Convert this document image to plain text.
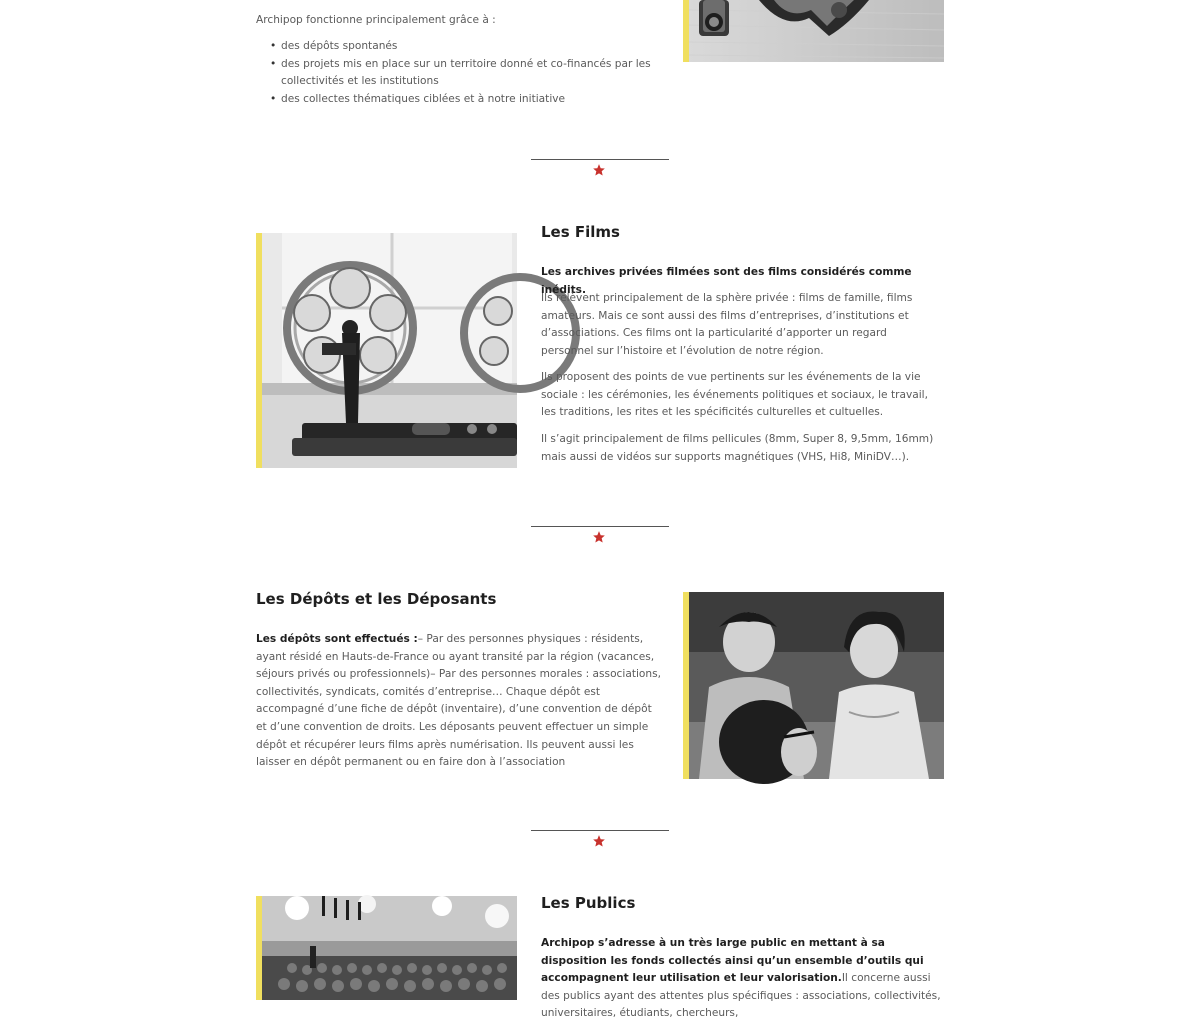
Archipop fonctionne principalement grâce à :

• des dépôts spontanés
• des projets mis en place sur un territoire donné et co-financés par les collectivités et les institutions
• des collectes thématiques ciblées et à notre initiative
Les Films

Les archives privées filmées sont des films considérés comme inédits.

Ils relèvent principalement de la sphère privée : films de famille, films amateurs. Mais ce sont aussi des films d’entreprises, d’institutions et d’associations. Ces films ont la particularité d’apporter un regard personnel sur l’histoire et l’évolution de notre région.

Ils proposent des points de vue pertinents sur les événements de la vie sociale : les cérémonies, les événements politiques et sociaux, le travail, les traditions, les rites et les spécificités culturelles et cultuelles.

Il s’agit principalement de films pellicules (8mm, Super 8, 9,5mm, 16mm) mais aussi de vidéos sur supports magnétiques (VHS, Hi8, MiniDV…).

Les Dépôts et les Déposants

Les dépôts sont effectués :– Par des personnes physiques : résidents, ayant résidé en Hauts-de-France ou ayant transité par la région (vacances, séjours privés ou professionnels)– Par des personnes morales : associations, collectivités, syndicats, comités d’entreprise… Chaque dépôt est accompagné d’une fiche de dépôt (inventaire), d’une convention de dépôt et d’une convention de droits. Les déposants peuvent effectuer un simple dépôt et récupérer leurs films après numérisation. Ils peuvent aussi les laisser en dépôt permanent ou en faire don à l’association

Les Publics

Archipop s’adresse à un très large public en mettant à sa disposition les fonds collectés ainsi qu’un ensemble d’outils qui accompagnent leur utilisation et leur valorisation.Il concerne aussi des publics ayant des attentes plus spécifiques : associations, collectivités, universitaires, étudiants, chercheurs,
